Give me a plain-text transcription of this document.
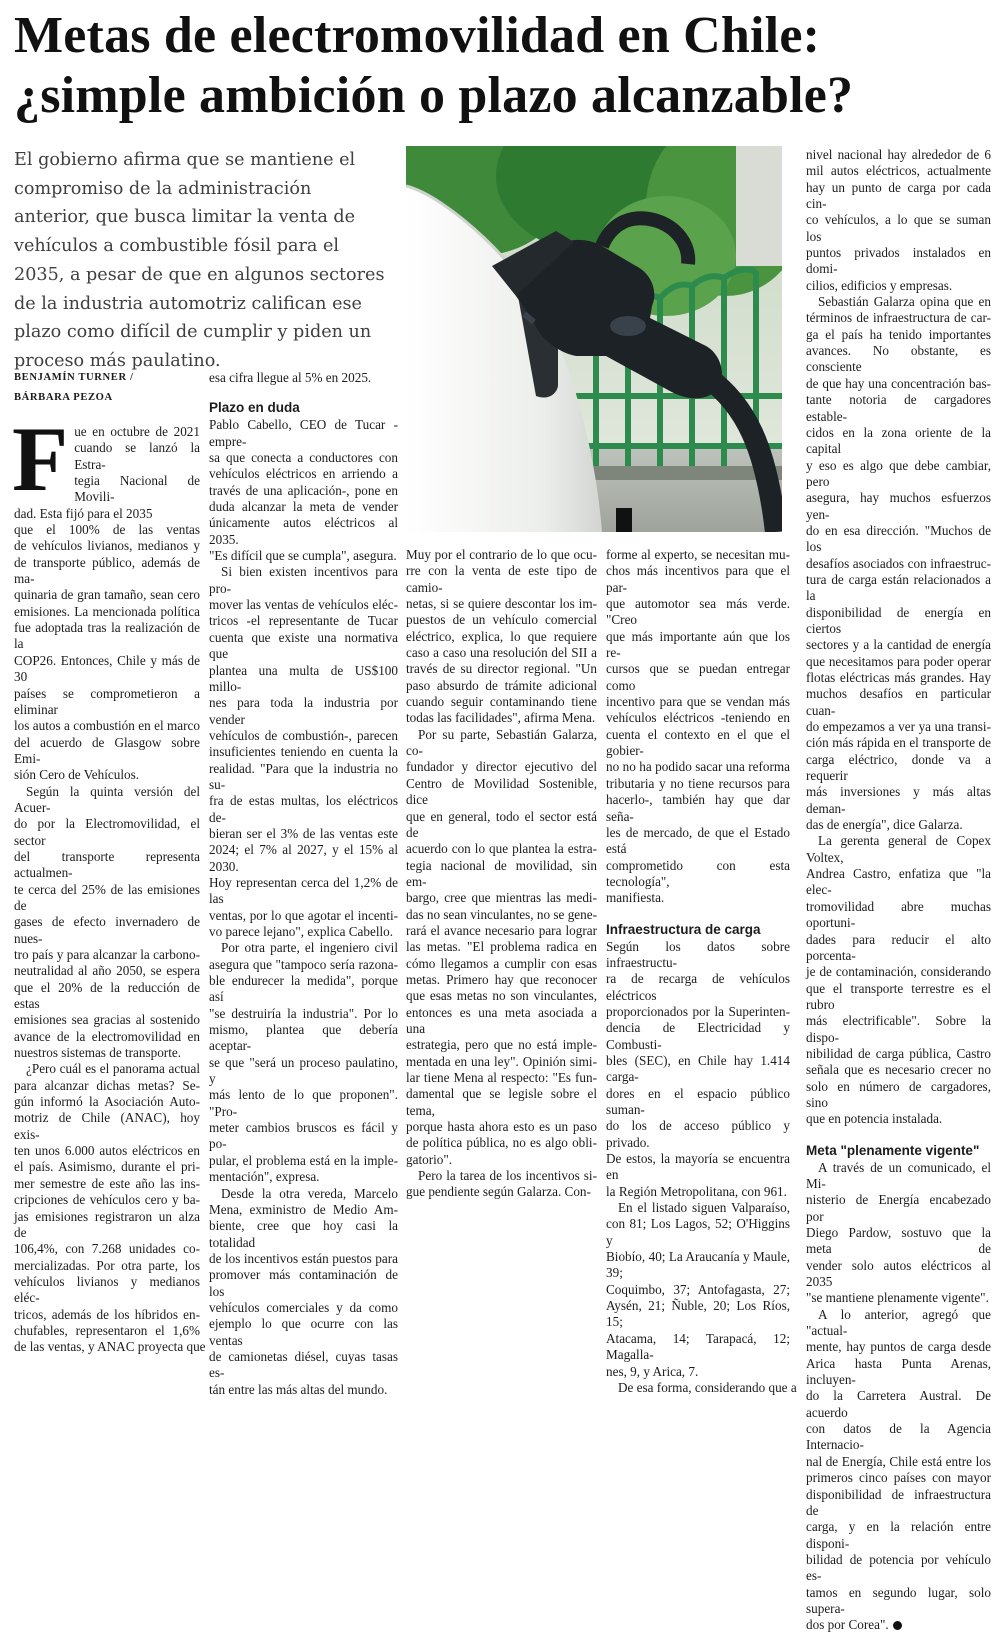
Metas de electromovilidad en Chile:
¿simple ambición o plazo alcanzable?
El gobierno afirma que se mantiene el
compromiso de la administración
anterior, que busca limitar la venta de
vehículos a combustible fósil para el
2035, a pesar de que en algunos sectores
de la industria automotriz califican ese
plazo como difícil de cumplir y piden un
proceso más paulatino.
BENJAMÍN TURNER /
BÁRBARA PEZOA
F ue en octubre de 2021
cuando se lanzó la Estra-
tegia Nacional de Movili-
dad. Esta fijó para el 2035
que el 100% de las ventas
de vehículos livianos, medianos y
de transporte público, además de ma-
quinaria de gran tamaño, sean cero
emisiones. La mencionada política
fue adoptada tras la realización de la
COP26. Entonces, Chile y más de 30
países se comprometieron a eliminar
los autos a combustión en el marco
del acuerdo de Glasgow sobre Emi-
sión Cero de Vehículos.
Según la quinta versión del Acuer-
do por la Electromovilidad, el sector
del transporte representa actualmen-
te cerca del 25% de las emisiones de
gases de efecto invernadero de nues-
tro país y para alcanzar la carbono-
neutralidad al año 2050, se espera
que el 20% de la reducción de estas
emisiones sea gracias al sostenido
avance de la electromovilidad en
nuestros sistemas de transporte.
¿Pero cuál es el panorama actual
para alcanzar dichas metas? Se-
gún informó la Asociación Auto-
motriz de Chile (ANAC), hoy exis-
ten unos 6.000 autos eléctricos en
el país. Asimismo, durante el pri-
mer semestre de este año las ins-
cripciones de vehículos cero y ba-
jas emisiones registraron un alza de
106,4%, con 7.268 unidades co-
mercializadas. Por otra parte, los
vehículos livianos y medianos eléc-
tricos, además de los híbridos en-
chufables, representaron el 1,6%
de las ventas, y ANAC proyecta que
esa cifra llegue al 5% en 2025.
Plazo en duda
Pablo Cabello, CEO de Tucar -empre-
sa que conecta a conductores con
vehículos eléctricos en arriendo a
través de una aplicación-, pone en
duda alcanzar la meta de vender
únicamente autos eléctricos al 2035.
"Es difícil que se cumpla", asegura.
Si bien existen incentivos para pro-
mover las ventas de vehículos eléc-
tricos -el representante de Tucar
cuenta que existe una normativa que
plantea una multa de US$100 millo-
nes para toda la industria por vender
vehículos de combustión-, parecen
insuficientes teniendo en cuenta la
realidad. "Para que la industria no su-
fra de estas multas, los eléctricos de-
bieran ser el 3% de las ventas este
2024; el 7% al 2027, y el 15% al 2030.
Hoy representan cerca del 1,2% de las
ventas, por lo que agotar el incenti-
vo parece lejano", explica Cabello.
Por otra parte, el ingeniero civil
asegura que "tampoco sería razona-
ble endurecer la medida", porque así
"se destruiría la industria". Por lo
mismo, plantea que debería aceptar-
se que "será un proceso paulatino, y
más lento de lo que proponen". "Pro-
meter cambios bruscos es fácil y po-
pular, el problema está en la imple-
mentación", expresa.
Desde la otra vereda, Marcelo
Mena, exministro de Medio Am-
biente, cree que hoy casi la totalidad
de los incentivos están puestos para
promover más contaminación de los
vehículos comerciales y da como
ejemplo lo que ocurre con las ventas
de camionetas diésel, cuyas tasas es-
tán entre las más altas del mundo.
Muy por el contrario de lo que ocu-
rre con la venta de este tipo de camio-
netas, si se quiere descontar los im-
puestos de un vehículo comercial
eléctrico, explica, lo que requiere
caso a caso una resolución del SII a
través de su director regional. "Un
paso absurdo de trámite adicional
cuando seguir contaminando tiene
todas las facilidades", afirma Mena.
Por su parte, Sebastián Galarza, co-
fundador y director ejecutivo del
Centro de Movilidad Sostenible, dice
que en general, todo el sector está de
acuerdo con lo que plantea la estra-
tegia nacional de movilidad, sin em-
bargo, cree que mientras las medi-
das no sean vinculantes, no se gene-
rará el avance necesario para lograr
las metas. "El problema radica en
cómo llegamos a cumplir con esas
metas. Primero hay que reconocer
que esas metas no son vinculantes,
entonces es una meta asociada a una
estrategia, pero que no está imple-
mentada en una ley". Opinión simi-
lar tiene Mena al respecto: "Es fun-
damental que se legisle sobre el tema,
porque hasta ahora esto es un paso
de política pública, no es algo obli-
gatorio".
Pero la tarea de los incentivos si-
gue pendiente según Galarza. Con-
forme al experto, se necesitan mu-
chos más incentivos para que el par-
que automotor sea más verde. "Creo
que más importante aún que los re-
cursos que se puedan entregar como
incentivo para que se vendan más
vehículos eléctricos -teniendo en
cuenta el contexto en el que el gobier-
no no ha podido sacar una reforma
tributaria y no tiene recursos para
hacerlo-, también hay que dar seña-
les de mercado, de que el Estado está
comprometido con esta tecnología",
manifiesta.
Infraestructura de carga
Según los datos sobre infraestructu-
ra de recarga de vehículos eléctricos
proporcionados por la Superinten-
dencia de Electricidad y Combusti-
bles (SEC), en Chile hay 1.414 carga-
dores en el espacio público suman-
do los de acceso público y privado.
De estos, la mayoría se encuentra en
la Región Metropolitana, con 961.
En el listado siguen Valparaíso,
con 81; Los Lagos, 52; O'Higgins y
Biobío, 40; La Araucanía y Maule, 39;
Coquimbo, 37; Antofagasta, 27;
Aysén, 21; Ñuble, 20; Los Ríos, 15;
Atacama, 14; Tarapacá, 12; Magalla-
nes, 9, y Arica, 7.
De esa forma, considerando que a
nivel nacional hay alrededor de 6
mil autos eléctricos, actualmente
hay un punto de carga por cada cin-
co vehículos, a lo que se suman los
puntos privados instalados en domi-
cilios, edificios y empresas.
Sebastián Galarza opina que en
términos de infraestructura de car-
ga el país ha tenido importantes
avances. No obstante, es consciente
de que hay una concentración bas-
tante notoria de cargadores estable-
cidos en la zona oriente de la capital
y eso es algo que debe cambiar, pero
asegura, hay muchos esfuerzos yen-
do en esa dirección. "Muchos de los
desafíos asociados con infraestruc-
tura de carga están relacionados a la
disponibilidad de energía en ciertos
sectores y a la cantidad de energía
que necesitamos para poder operar
flotas eléctricas más grandes. Hay
muchos desafíos en particular cuan-
do empezamos a ver ya una transi-
ción más rápida en el transporte de
carga eléctrico, donde va a requerir
más inversiones y más altas deman-
das de energía", dice Galarza.
La gerenta general de Copex Voltex,
Andrea Castro, enfatiza que "la elec-
tromovilidad abre muchas oportuni-
dades para reducir el alto porcenta-
je de contaminación, considerando
que el transporte terrestre es el rubro
más electrificable". Sobre la dispo-
nibilidad de carga pública, Castro
señala que es necesario crecer no
solo en número de cargadores, sino
que en potencia instalada.
Meta "plenamente vigente"
A través de un comunicado, el Mi-
nisterio de Energía encabezado por
Diego Pardow, sostuvo que la meta de
vender solo autos eléctricos al 2035
"se mantiene plenamente vigente".
A lo anterior, agregó que "actual-
mente, hay puntos de carga desde
Arica hasta Punta Arenas, incluyen-
do la Carretera Austral. De acuerdo
con datos de la Agencia Internacio-
nal de Energía, Chile está entre los
primeros cinco países con mayor
disponibilidad de infraestructura de
carga, y en la relación entre disponi-
bilidad de potencia por vehículo es-
tamos en segundo lugar, solo supera-
dos por Corea".
